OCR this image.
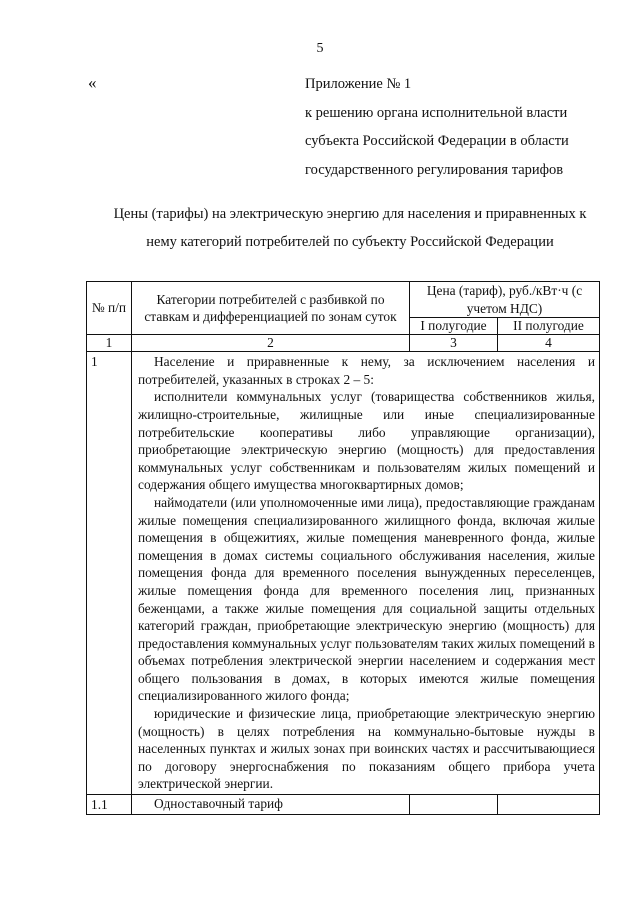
5
«	Приложение № 1
к решению органа исполнительной власти
субъекта Российской Федерации в области
государственного регулирования тарифов
Цены (тарифы) на электрическую энергию для населения и приравненных к нему категорий потребителей по субъекту Российской Федерации
№ п/п	Категории потребителей с разбивкой по ставкам и дифференциацией по зонам суток	Цена (тариф), руб./кВт·ч (с учетом НДС)	
		I полугодие	II полугодие
1	2	3	4
1	Население и приравненные к нему, за исключением населения и потребителей, указанных в строках 2 – 5:

исполнители коммунальных услуг (товарищества собственников жилья, жилищно-строительные, жилищные или иные специализированные потребительские кооперативы либо управляющие организации), приобретающие электрическую энергию (мощность) для предоставления коммунальных услуг собственникам и пользователям жилых помещений и содержания общего имущества многоквартирных домов;

наймодатели (или уполномоченные ими лица), предоставляющие гражданам жилые помещения специализированного жилищного фонда, включая жилые помещения в общежитиях, жилые помещения маневренного фонда, жилые помещения в домах системы социального обслуживания населения, жилые помещения фонда для временного поселения вынужденных переселенцев, жилые помещения фонда для временного поселения лиц, признанных беженцами, а также жилые помещения для социальной защиты отдельных категорий граждан, приобретающие электрическую энергию (мощность) для предоставления коммунальных услуг пользователям таких жилых помещений в объемах потребления электрической энергии населением и содержания мест общего пользования в домах, в которых имеются жилые помещения специализированного жилого фонда;

юридические и физические лица, приобретающие электрическую энергию (мощность) в целях потребления на коммунально-бытовые нужды в населенных пунктах и жилых зонах при воинских частях и рассчитывающиеся по договору энергоснабжения по показаниям общего прибора учета электрической энергии.		

1.1	Одноставочный тариф		
